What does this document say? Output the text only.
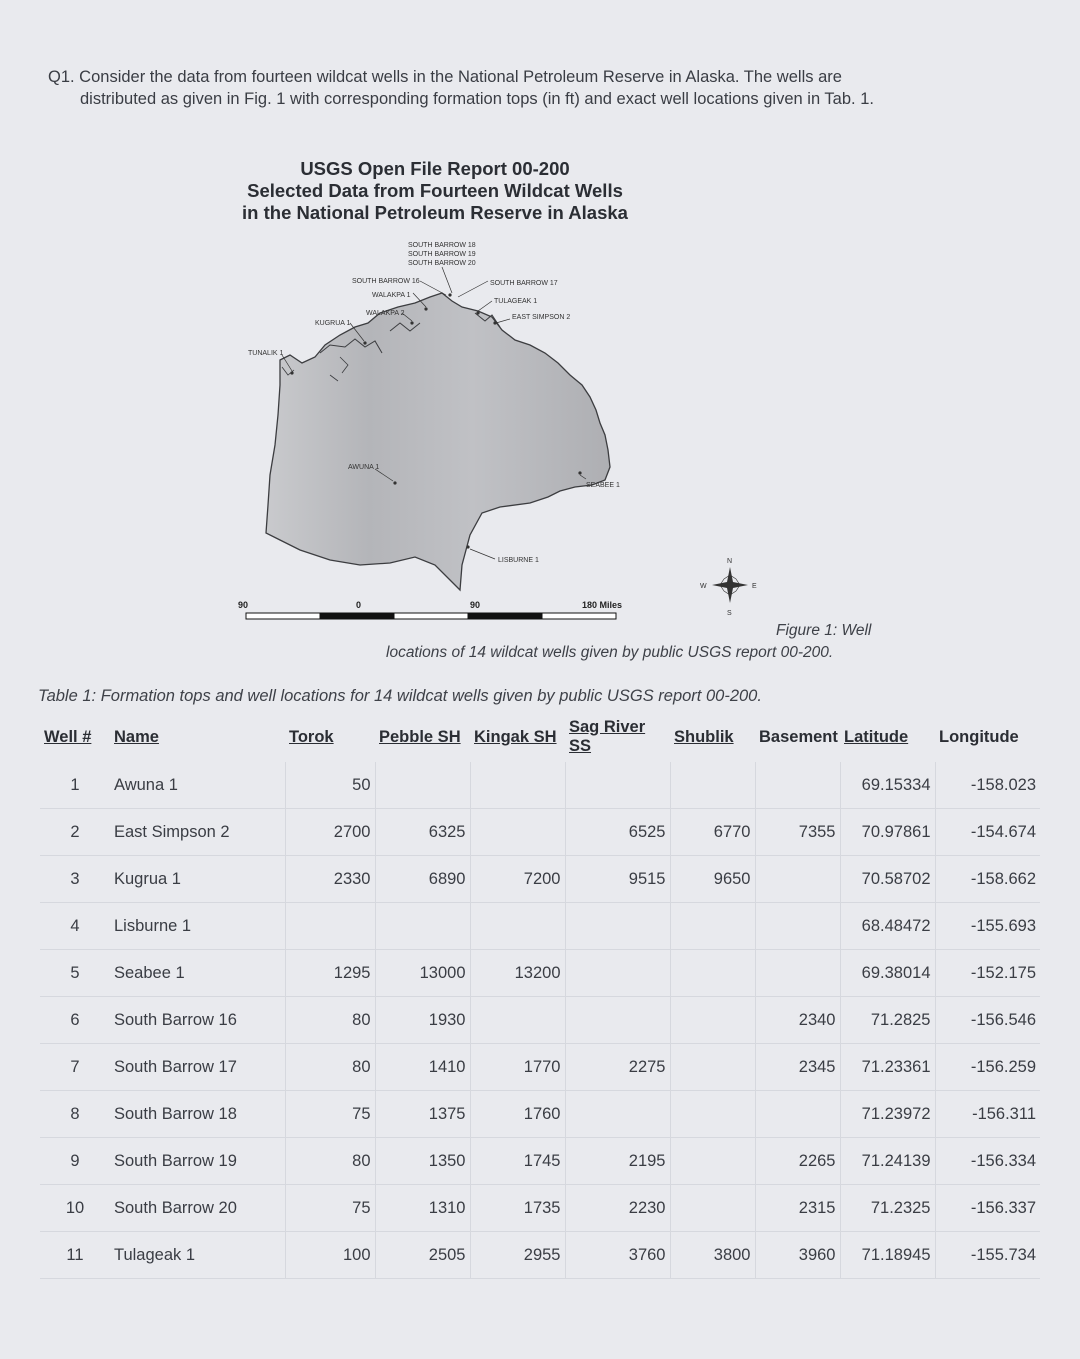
Q1. Consider the data from fourteen wildcat wells in the National Petroleum Reserve in Alaska. The wells are

distributed as given in Fig. 1 with corresponding formation tops (in ft) and exact well locations given in Tab. 1.

USGS Open File Report 00-200
Selected Data from Fourteen Wildcat Wells
in the National Petroleum Reserve in Alaska
SOUTH BARROW 18
SOUTH BARROW 19
SOUTH BARROW 20
SOUTH BARROW 16	SOUTH BARROW 17
WALAKPA 1
TULAGEAK 1
WALAKPA 2
EAST SIMPSON 2
KUGRUA 1
TUNALIK 1
AWUNA 1
SEABEE 1
LISBURNE 1	N
S
E
W
90	0	90	180 Miles
Figure 1: Well
locations of 14 wildcat wells given by public USGS report 00-200.
Table 1: Formation tops and well locations for 14 wildcat wells given by public USGS report 00-200.
Well #	Name	Torok	Pebble SH	Kingak SH	Sag River SS	Shublik	Basement	Latitude	Longitude
1	Awuna 1	50						69.15334	-158.023
2	East Simpson 2	2700	6325		6525	6770	7355	70.97861	-154.674
3	Kugrua 1	2330	6890	7200	9515	9650		70.58702	-158.662
4	Lisburne 1							68.48472	-155.693
5	Seabee 1	1295	13000	13200				69.38014	-152.175
6	South Barrow 16	80	1930				2340	71.2825	-156.546
7	South Barrow 17	80	1410	1770	2275		2345	71.23361	-156.259
8	South Barrow 18	75	1375	1760				71.23972	-156.311
9	South Barrow 19	80	1350	1745	2195		2265	71.24139	-156.334
10	South Barrow 20	75	1310	1735	2230		2315	71.2325	-156.337
11	Tulageak 1	100	2505	2955	3760	3800	3960	71.18945	-155.734
